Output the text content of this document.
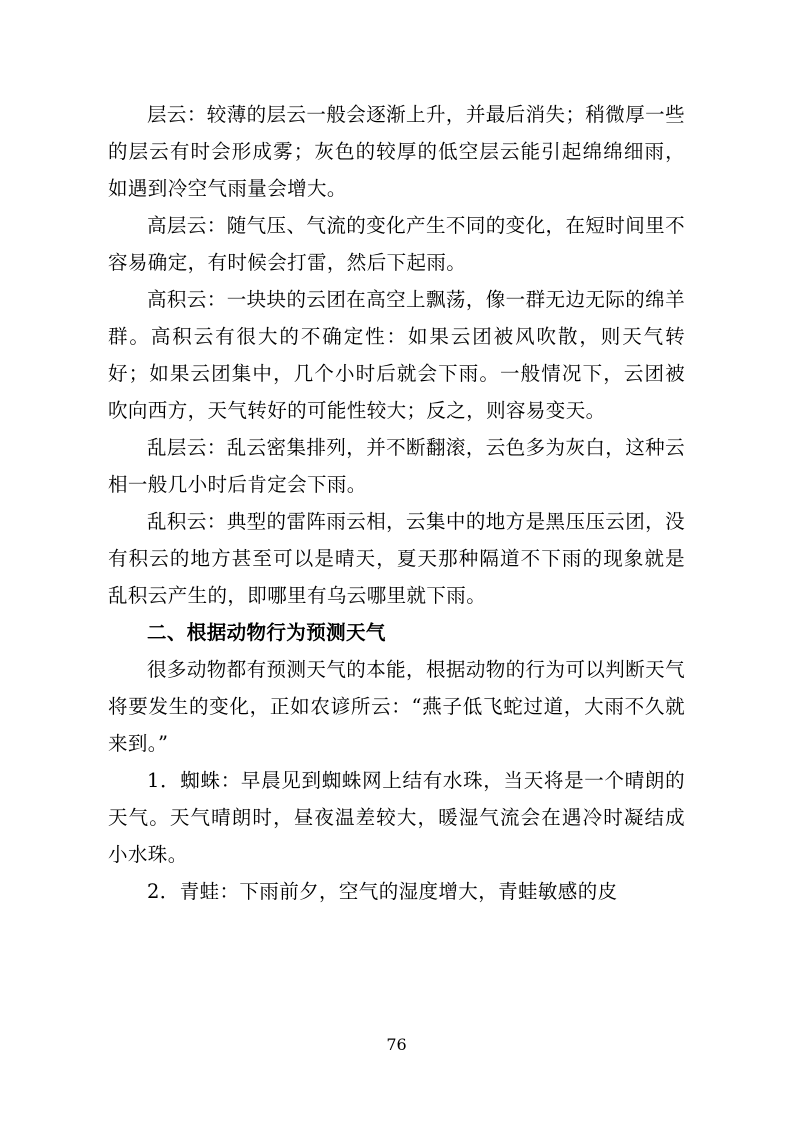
层云：较薄的层云一般会逐渐上升，并最后消失；稍微厚一些的层云有时会形成雾；灰色的较厚的低空层云能引起绵绵细雨，如遇到冷空气雨量会增大。

高层云：随气压、气流的变化产生不同的变化，在短时间里不容易确定，有时候会打雷，然后下起雨。

高积云：一块块的云团在高空上飘荡，像一群无边无际的绵羊群。高积云有很大的不确定性：如果云团被风吹散，则天气转好；如果云团集中，几个小时后就会下雨。一般情况下，云团被吹向西方，天气转好的可能性较大；反之，则容易变天。

乱层云：乱云密集排列，并不断翻滚，云色多为灰白，这种云相一般几小时后肯定会下雨。

乱积云：典型的雷阵雨云相，云集中的地方是黑压压云团，没有积云的地方甚至可以是晴天，夏天那种隔道不下雨的现象就是乱积云产生的，即哪里有乌云哪里就下雨。

二、根据动物行为预测天气

很多动物都有预测天气的本能，根据动物的行为可以判断天气将要发生的变化，正如农谚所云：“燕子低飞蛇过道，大雨不久就来到。”

1．蜘蛛：早晨见到蜘蛛网上结有水珠，当天将是一个晴朗的天气。天气晴朗时，昼夜温差较大，暖湿气流会在遇冷时凝结成小水珠。

2．青蛙：下雨前夕，空气的湿度增大，青蛙敏感的皮

76
